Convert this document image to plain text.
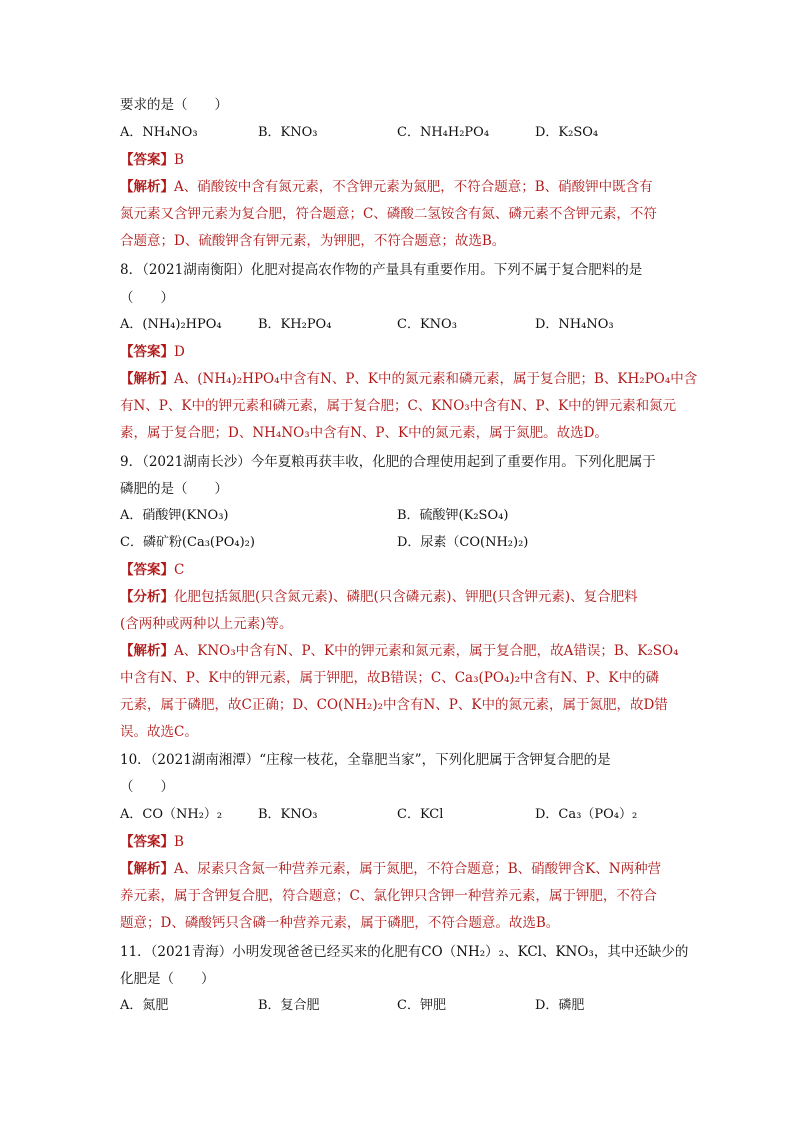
要求的是（　　）
A．NH₄NO₃	B．KNO₃	C．NH₄H₂PO₄	D．K₂SO₄
【答案】B
【解析】A、硝酸铵中含有氮元素，不含钾元素为氮肥，不符合题意；B、硝酸钾中既含有
氮元素又含钾元素为复合肥，符合题意；C、磷酸二氢铵含有氮、磷元素不含钾元素，不符
合题意；D、硫酸钾含有钾元素，为钾肥，不符合题意；故选B。
8．（2021湖南衡阳）化肥对提高农作物的产量具有重要作用。下列不属于复合肥料的是
（　　）
A．(NH₄)₂HPO₄	B．KH₂PO₄	C．KNO₃	D．NH₄NO₃
【答案】D
【解析】A、(NH₄)₂HPO₄中含有N、P、K中的氮元素和磷元素，属于复合肥；B、KH₂PO₄中含
有N、P、K中的钾元素和磷元素，属于复合肥；C、KNO₃中含有N、P、K中的钾元素和氮元
素，属于复合肥；D、NH₄NO₃中含有N、P、K中的氮元素，属于氮肥。故选D。
9．（2021湖南长沙）今年夏粮再获丰收，化肥的合理使用起到了重要作用。下列化肥属于
磷肥的是（　　）
A．硝酸钾(KNO₃)	B．硫酸钾(K₂SO₄)
C．磷矿粉(Ca₃(PO₄)₂)	D．尿素（CO(NH₂)₂)
【答案】C
【分析】化肥包括氮肥(只含氮元素)、磷肥(只含磷元素)、钾肥(只含钾元素)、复合肥料
(含两种或两种以上元素)等。
【解析】A、KNO₃中含有N、P、K中的钾元素和氮元素，属于复合肥，故A错误；B、K₂SO₄
中含有N、P、K中的钾元素，属于钾肥，故B错误；C、Ca₃(PO₄)₂中含有N、P、K中的磷
元素，属于磷肥，故C正确；D、CO(NH₂)₂中含有N、P、K中的氮元素，属于氮肥，故D错
误。故选C。
10．（2021湖南湘潭）“庄稼一枝花，全靠肥当家”，下列化肥属于含钾复合肥的是
（　　）
A．CO（NH₂）₂	B．KNO₃	C．KCl	D．Ca₃（PO₄）₂
【答案】B
【解析】A、尿素只含氮一种营养元素，属于氮肥，不符合题意；B、硝酸钾含K、N两种营
养元素，属于含钾复合肥，符合题意；C、氯化钾只含钾一种营养元素，属于钾肥，不符合
题意；D、磷酸钙只含磷一种营养元素，属于磷肥，不符合题意。故选B。
11．（2021青海）小明发现爸爸已经买来的化肥有CO（NH₂）₂、KCl、KNO₃，其中还缺少的
化肥是（　　）
A．氮肥	B．复合肥	C．钾肥	D．磷肥
